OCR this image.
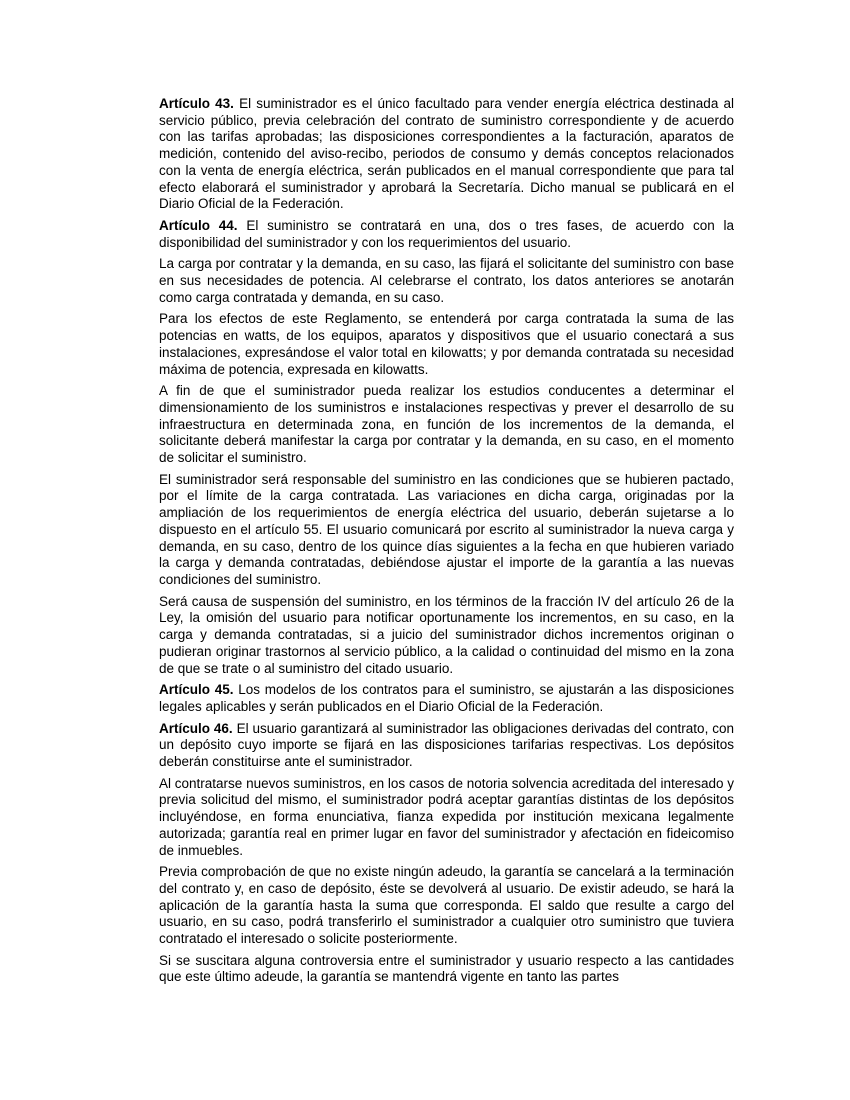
Artículo 43. El suministrador es el único facultado para vender energía eléctrica destinada al servicio público, previa celebración del contrato de suministro correspondiente y de acuerdo con las tarifas aprobadas; las disposiciones correspondientes a la facturación, aparatos de medición, contenido del aviso-recibo, periodos de consumo y demás conceptos relacionados con la venta de energía eléctrica, serán publicados en el manual correspondiente que para tal efecto elaborará el suministrador y aprobará la Secretaría. Dicho manual se publicará en el Diario Oficial de la Federación.

Artículo 44. El suministro se contratará en una, dos o tres fases, de acuerdo con la disponibilidad del suministrador y con los requerimientos del usuario.

La carga por contratar y la demanda, en su caso, las fijará el solicitante del suministro con base en sus necesidades de potencia. Al celebrarse el contrato, los datos anteriores se anotarán como carga contratada y demanda, en su caso.

Para los efectos de este Reglamento, se entenderá por carga contratada la suma de las potencias en watts, de los equipos, aparatos y dispositivos que el usuario conectará a sus instalaciones, expresándose el valor total en kilowatts; y por demanda contratada su necesidad máxima de potencia, expresada en kilowatts.

A fin de que el suministrador pueda realizar los estudios conducentes a determinar el dimensionamiento de los suministros e instalaciones respectivas y prever el desarrollo de su infraestructura en determinada zona, en función de los incrementos de la demanda, el solicitante deberá manifestar la carga por contratar y la demanda, en su caso, en el momento de solicitar el suministro.

El suministrador será responsable del suministro en las condiciones que se hubieren pactado, por el límite de la carga contratada. Las variaciones en dicha carga, originadas por la ampliación de los requerimientos de energía eléctrica del usuario, deberán sujetarse a lo dispuesto en el artículo 55. El usuario comunicará por escrito al suministrador la nueva carga y demanda, en su caso, dentro de los quince días siguientes a la fecha en que hubieren variado la carga y demanda contratadas, debiéndose ajustar el importe de la garantía a las nuevas condiciones del suministro.

Será causa de suspensión del suministro, en los términos de la fracción IV del artículo 26 de la Ley, la omisión del usuario para notificar oportunamente los incrementos, en su caso, en la carga y demanda contratadas, si a juicio del suministrador dichos incrementos originan o pudieran originar trastornos al servicio público, a la calidad o continuidad del mismo en la zona de que se trate o al suministro del citado usuario.

Artículo 45. Los modelos de los contratos para el suministro, se ajustarán a las disposiciones legales aplicables y serán publicados en el Diario Oficial de la Federación.

Artículo 46. El usuario garantizará al suministrador las obligaciones derivadas del contrato, con un depósito cuyo importe se fijará en las disposiciones tarifarias respectivas. Los depósitos deberán constituirse ante el suministrador.

Al contratarse nuevos suministros, en los casos de notoria solvencia acreditada del interesado y previa solicitud del mismo, el suministrador podrá aceptar garantías distintas de los depósitos incluyéndose, en forma enunciativa, fianza expedida por institución mexicana legalmente autorizada; garantía real en primer lugar en favor del suministrador y afectación en fideicomiso de inmuebles.

Previa comprobación de que no existe ningún adeudo, la garantía se cancelará a la terminación del contrato y, en caso de depósito, éste se devolverá al usuario. De existir adeudo, se hará la aplicación de la garantía hasta la suma que corresponda. El saldo que resulte a cargo del usuario, en su caso, podrá transferirlo el suministrador a cualquier otro suministro que tuviera contratado el interesado o solicite posteriormente.

Si se suscitara alguna controversia entre el suministrador y usuario respecto a las cantidades que este último adeude, la garantía se mantendrá vigente en tanto las partes
